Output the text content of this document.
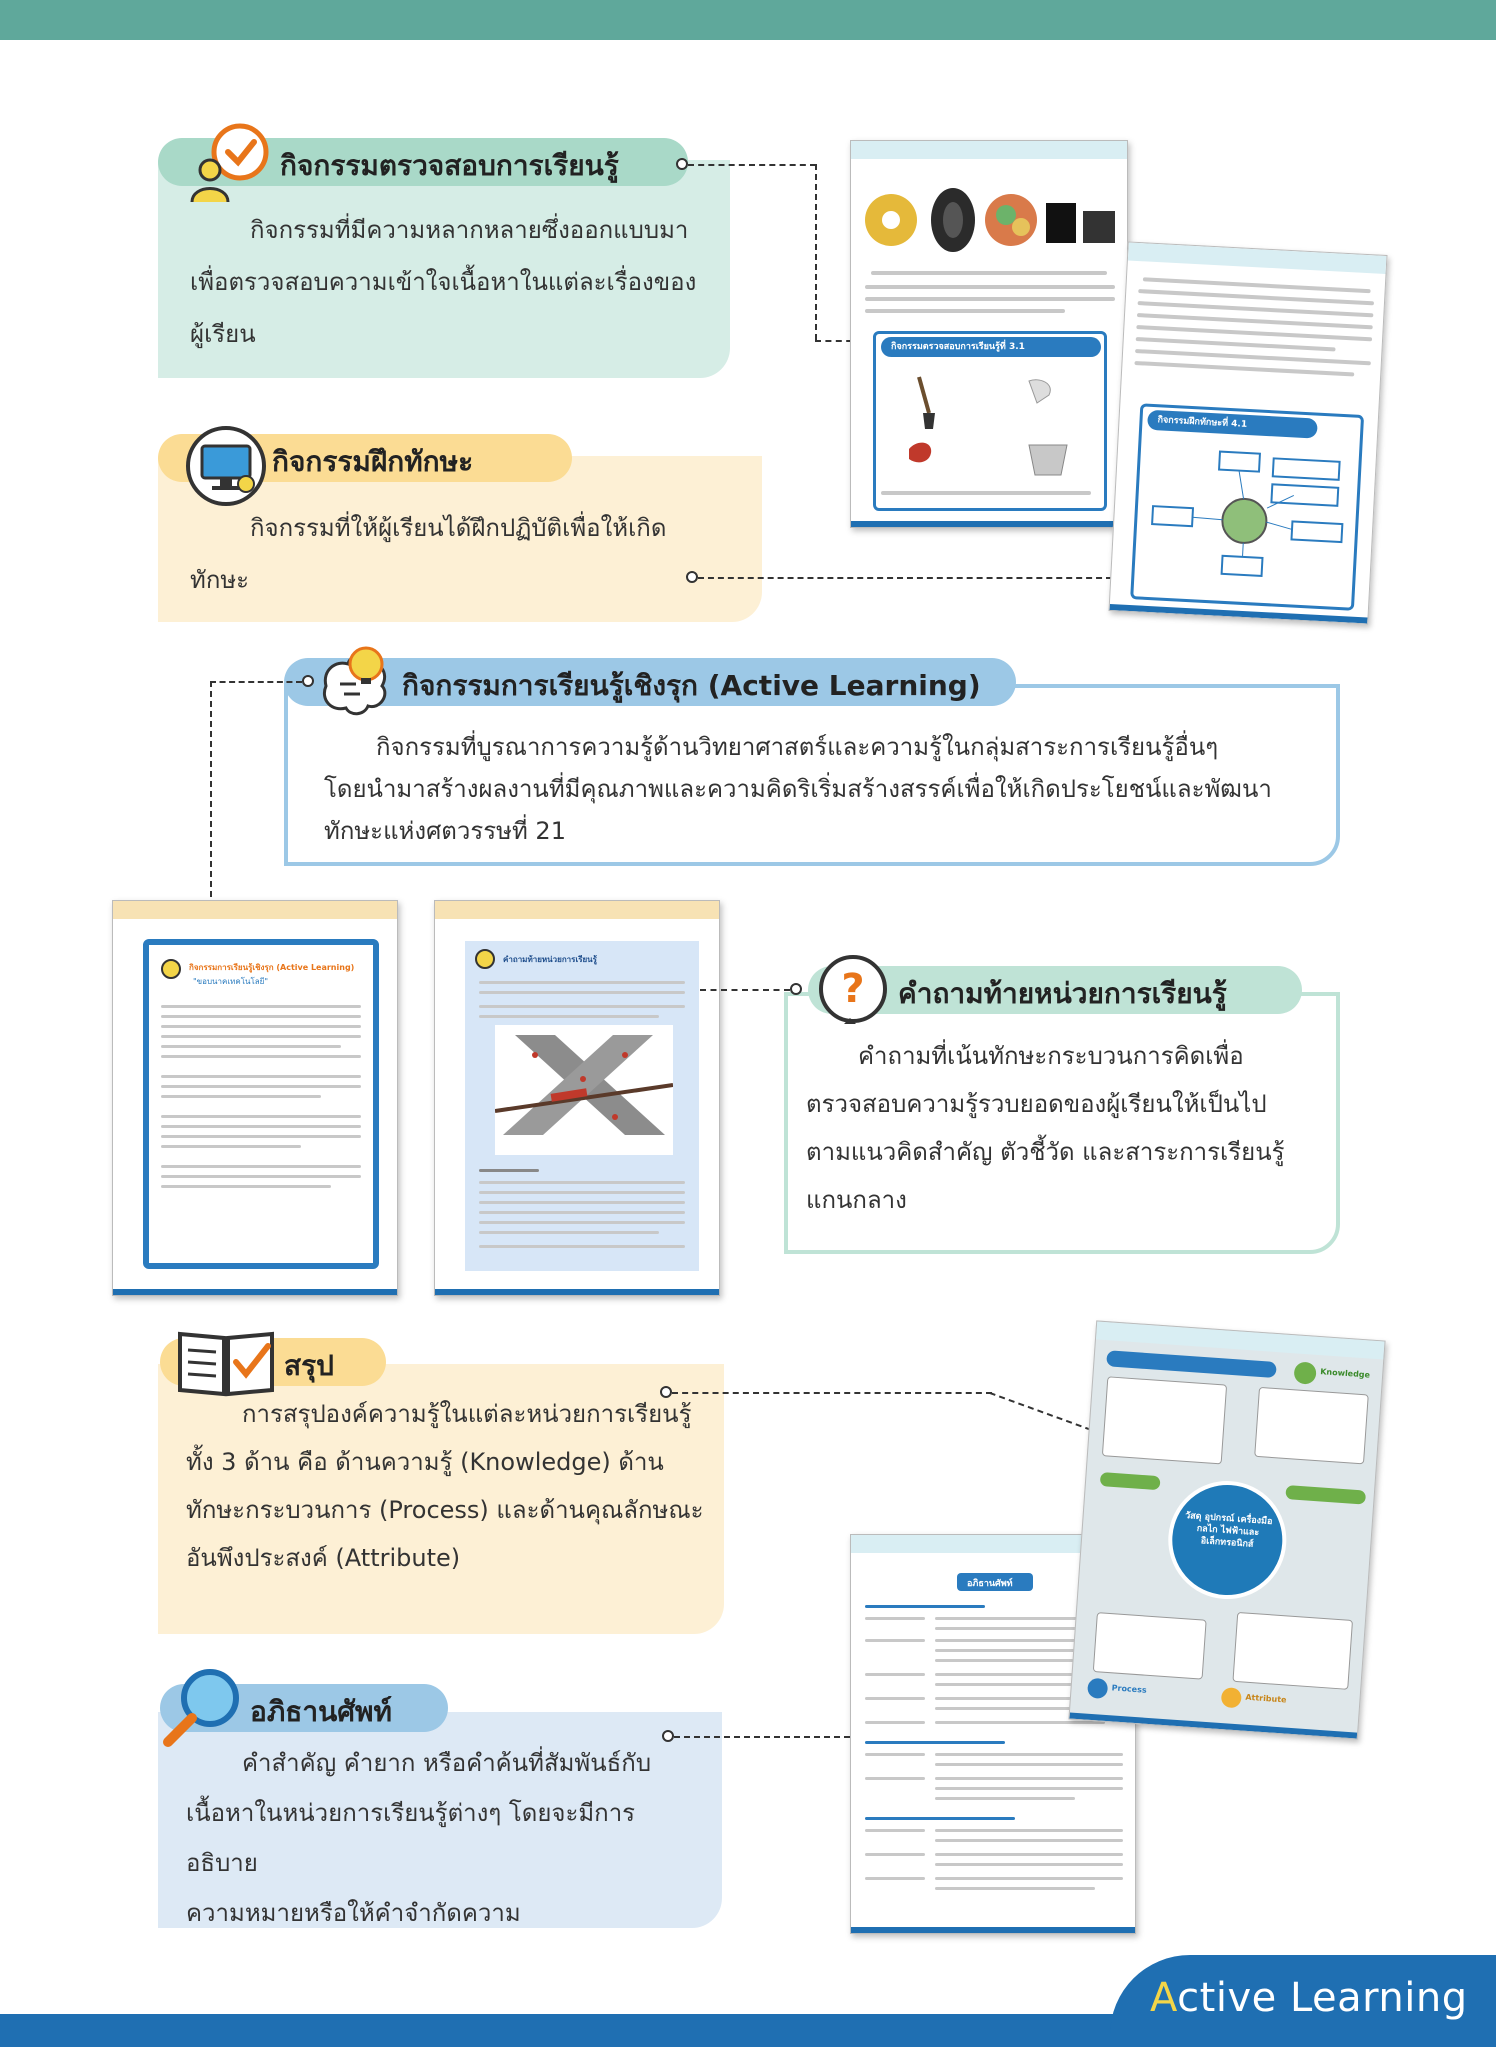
Active Learning

กิจกรรมที่มีความหลากหลายซึ่งออกแบบมา
เพื่อตรวจสอบความเข้าใจเนื้อหาในแต่ละเรื่องของ
ผู้เรียน

กิจกรรมตรวจสอบการเรียนรู้
กิจกรรมตรวจสอบการเรียนรู้ที่ 3.1

กิจกรรมที่ให้ผู้เรียนได้ฝึกปฏิบัติเพื่อให้เกิด
ทักษะ

กิจกรรมฝึกทักษะ
กิจกรรมฝึกทักษะที่ 4.1

กิจกรรมที่บูรณาการความรู้ด้านวิทยาศาสตร์และความรู้ในกลุ่มสาระการเรียนรู้อื่นๆ
โดยนำมาสร้างผลงานที่มีคุณภาพและความคิดริเริ่มสร้างสรรค์เพื่อให้เกิดประโยชน์และพัฒนา
ทักษะแห่งศตวรรษที่ 21

กิจกรรมการเรียนรู้เชิงรุก (Active Learning)
กิจกรรมการเรียนรู้เชิงรุก (Active Learning)
"ขอบนาคเทคโนโลยี"
คำถามท้ายหน่วยการเรียนรู้

คำถามที่เน้นทักษะกระบวนการคิดเพื่อ
ตรวจสอบความรู้รวบยอดของผู้เรียนให้เป็นไป
ตามแนวคิดสำคัญ ตัวชี้วัด และสาระการเรียนรู้
แกนกลาง

คำถามท้ายหน่วยการเรียนรู้
?

การสรุปองค์ความรู้ในแต่ละหน่วยการเรียนรู้
ทั้ง 3 ด้าน คือ ด้านความรู้ (Knowledge) ด้าน
ทักษะกระบวนการ (Process) และด้านคุณลักษณะ
อันพึงประสงค์ (Attribute)

สรุป
อภิธานศัพท์
Knowledge
วัสดุ อุปกรณ์ เครื่องมือ กลไก ไฟฟ้าและ อิเล็กทรอนิกส์
Process
Attribute

คำสำคัญ คำยาก หรือคำค้นที่สัมพันธ์กับ
เนื้อหาในหน่วยการเรียนรู้ต่างๆ โดยจะมีการอธิบาย
ความหมายหรือให้คำจำกัดความ

อภิธานศัพท์
